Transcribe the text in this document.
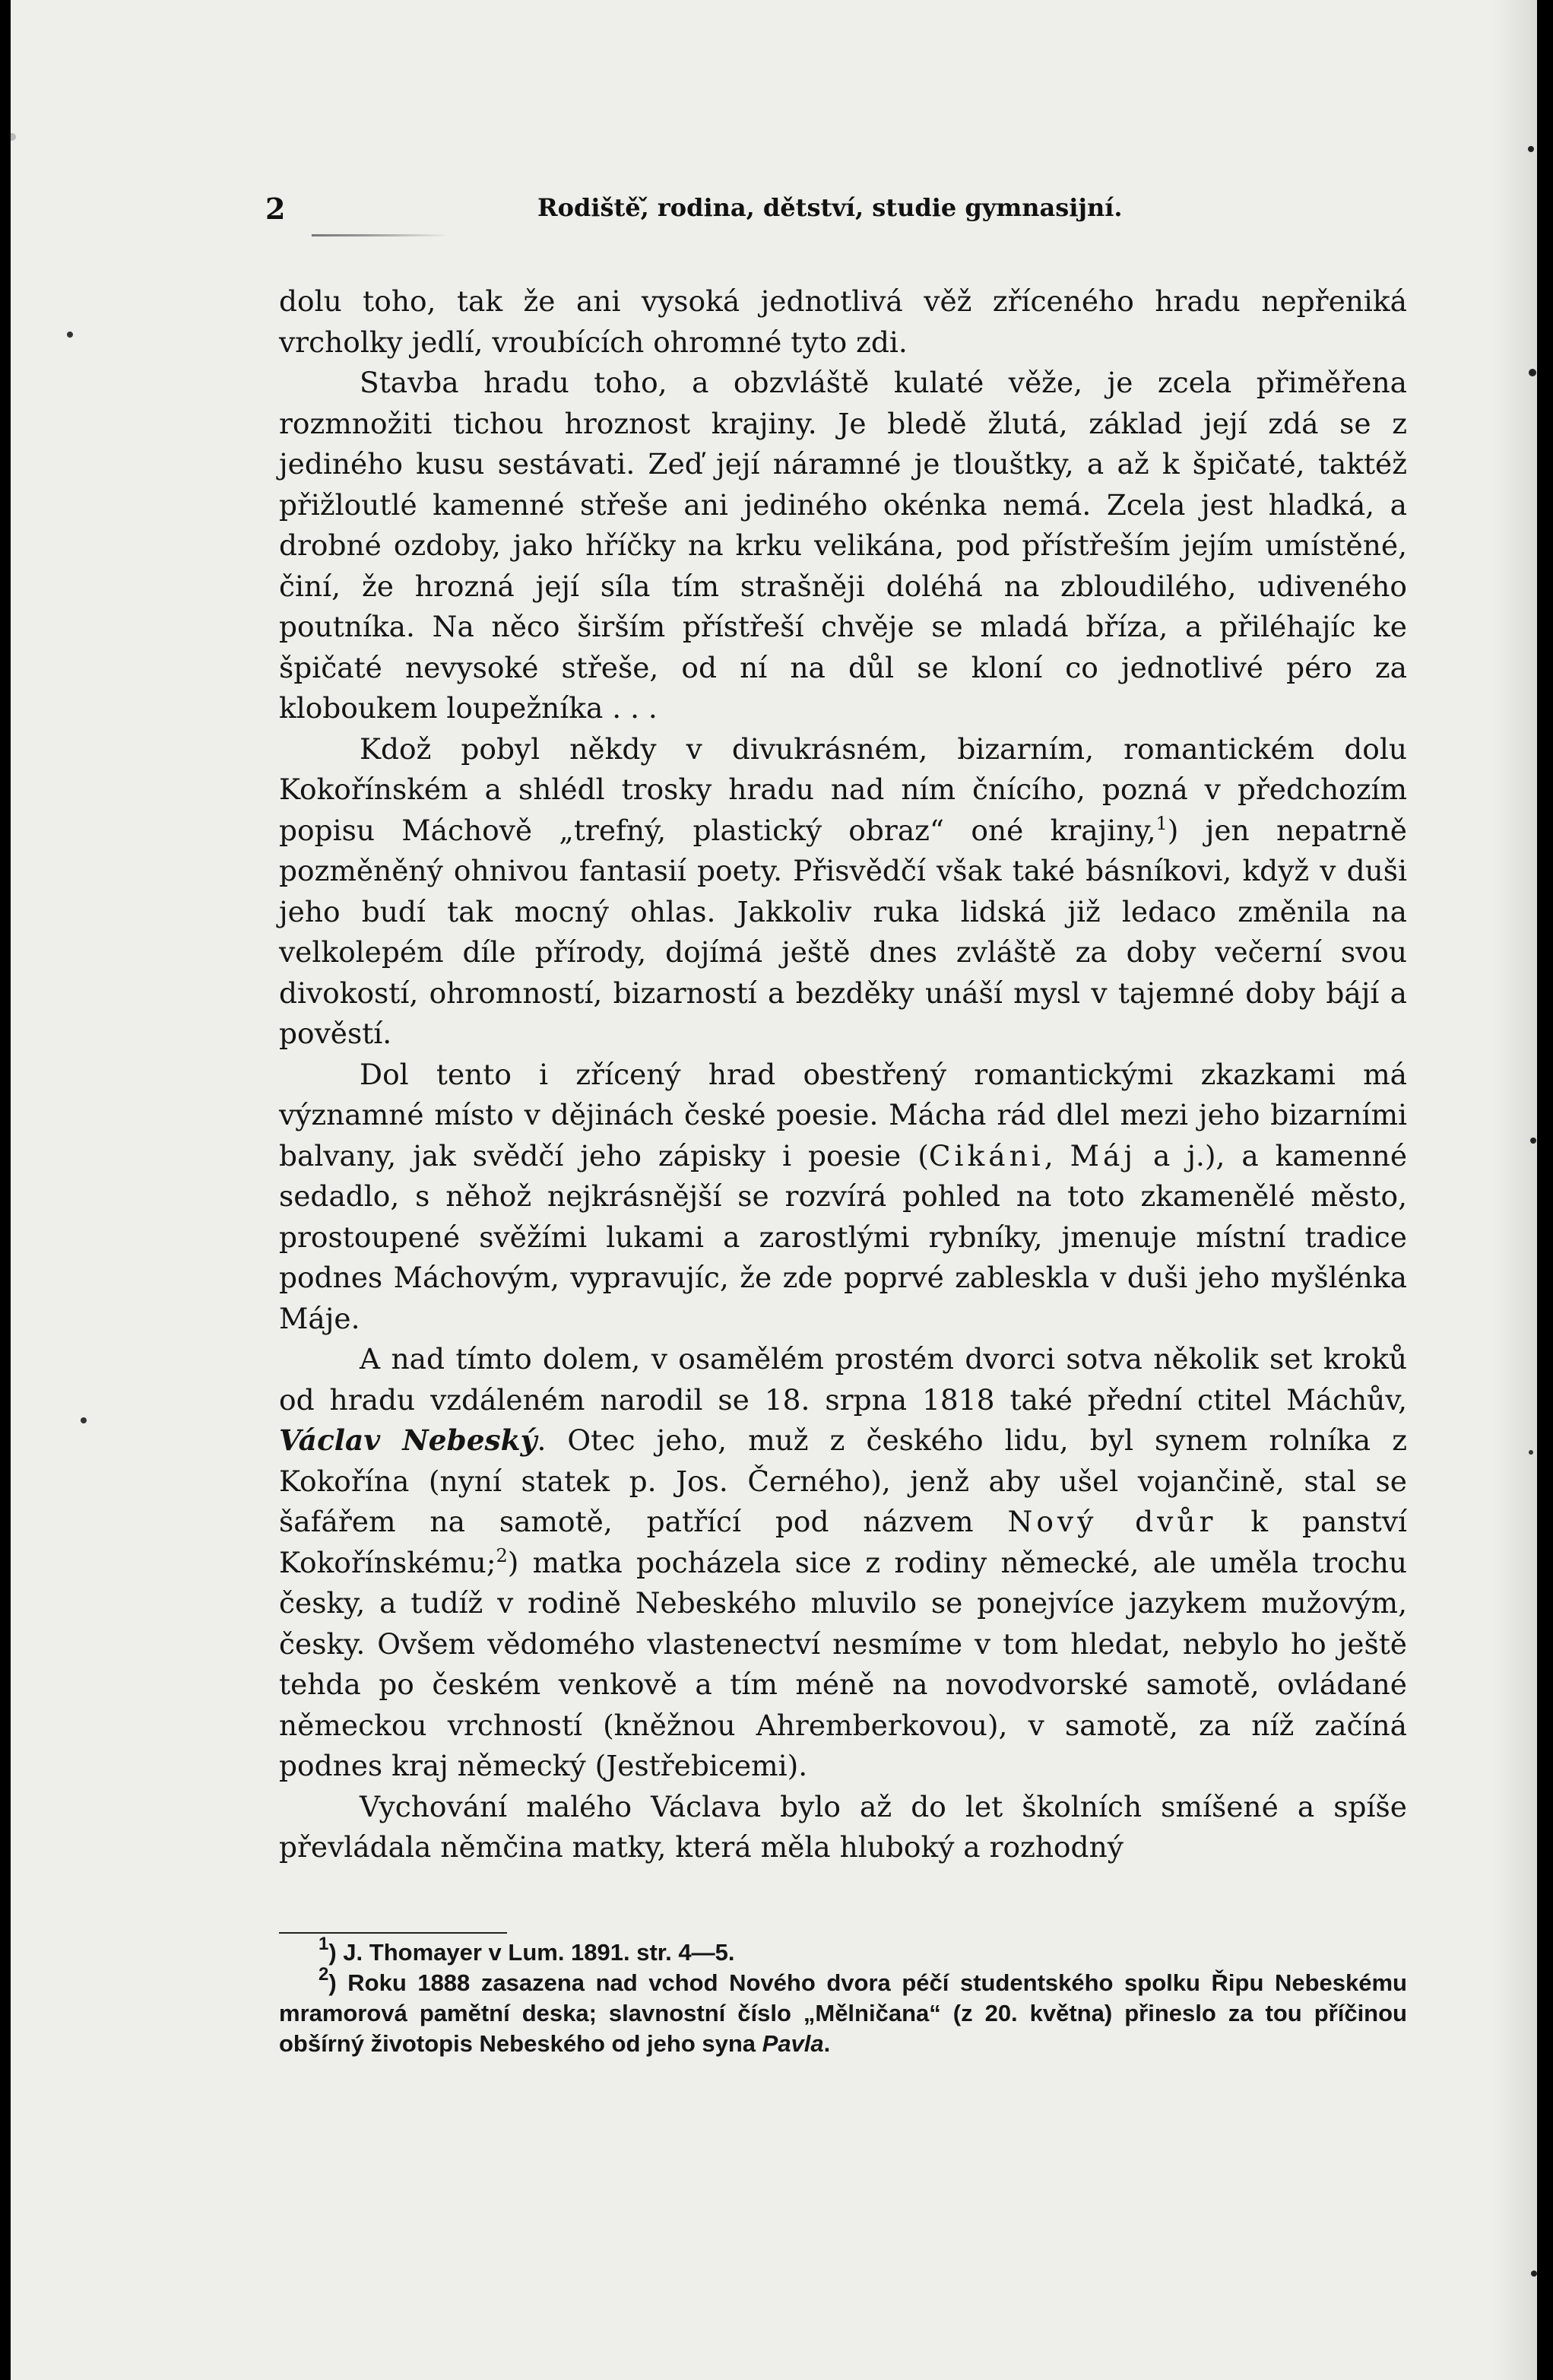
2	Rodiště,̌ rodina, dětství, studie gymnasijní.

dolu toho, tak že ani vysoká jednotlivá věž zříceného hradu nepřeniká vrcholky jedlí, vroubících ohromné tyto zdi.

Stavba hradu toho, a obzvláště kulaté věže, je zcela přiměřena rozmnožiti tichou hroznost krajiny. Je bledě žlutá, základ její zdá se z jediného kusu sestávati. Zeď její náramné je tlouštky, a až k špičaté, taktéž přižloutlé kamenné střeše ani jediného okénka nemá. Zcela jest hladká, a drobné ozdoby, jako hříčky na krku velikána, pod přístřeším jejím umístěné, činí, že hrozná její síla tím strašněji doléhá na zbloudilého, udiveného poutníka. Na něco širším přístřeší chvěje se mladá bříza, a přiléhajíc ke špičaté nevysoké střeše, od ní na důl se kloní co jednotlivé péro za kloboukem loupežníka . . .

Kdož pobyl někdy v divukrásném, bizarním, romantickém dolu Kokořínském a shlédl trosky hradu nad ním čnícího, pozná v předchozím popisu Máchově „trefný, plastický obraz“ oné krajiny,$^1$) jen nepatrně pozměněný ohnivou fantasií poety. Přisvědčí však také básníkovi, když v duši jeho budí tak mocný ohlas. Jakkoliv ruka lidská již ledaco změnila na velkolepém díle přírody, dojímá ještě dnes zvláště za doby večerní svou divokostí, ohromností, bizarností a bezděky unáší mysl v tajemné doby bájí a pověstí.

Dol tento i zřícený hrad obestřený romantickými zkazkami má významné místo v dějinách české poesie. Mácha rád dlel mezi jeho bizarními balvany, jak svědčí jeho zápisky i poesie (Cikáni, Máj a j.), a kamenné sedadlo, s něhož nejkrásnější se rozvírá pohled na toto zkamenělé město, prostoupené svěžími lukami a zarostlými rybníky, jmenuje místní tradice podnes Máchovým, vypravujíc, že zde poprvé zableskla v duši jeho myšlénka Máje.

A nad tímto dolem, v osamělém prostém dvorci sotva několik set kroků od hradu vzdáleném narodil se 18. srpna 1818 také přední ctitel Máchův, Václav Nebeský. Otec jeho, muž z českého lidu, byl synem rolníka z Kokořína (nyní statek p. Jos. Černého), jenž aby ušel vojančině, stal se šafářem na samotě, patřící pod názvem Nový dvůr k panství Kokořínskému;$^2$) matka pocházela sice z rodiny německé, ale uměla trochu česky, a tudíž v rodině Nebeského mluvilo se ponejvíce jazykem mužovým, česky. Ovšem vědomého vlastenectví nesmíme v tom hledat, nebylo ho ještě tehda po českém venkově a tím méně na novodvorské samotě, ovládané německou vrchností (kněžnou Ahremberkovou), v samotě, za níž začíná podnes kraj německý (Jestřebicemi).

Vychování malého Václava bylo až do let školních smíšené a spíše převládala němčina matky, která měla hluboký a rozhodný

$^1$) J. Thomayer v Lum. 1891. str. 4—5.

$^2$) Roku 1888 zasazena nad vchod Nového dvora péčí studentského spolku Řipu Nebeskému mramorová pamětní deska; slavnostní číslo „Mělničana“ (z 20. května) přineslo za tou příčinou obšírný životopis Nebeského od jeho syna Pavla.
